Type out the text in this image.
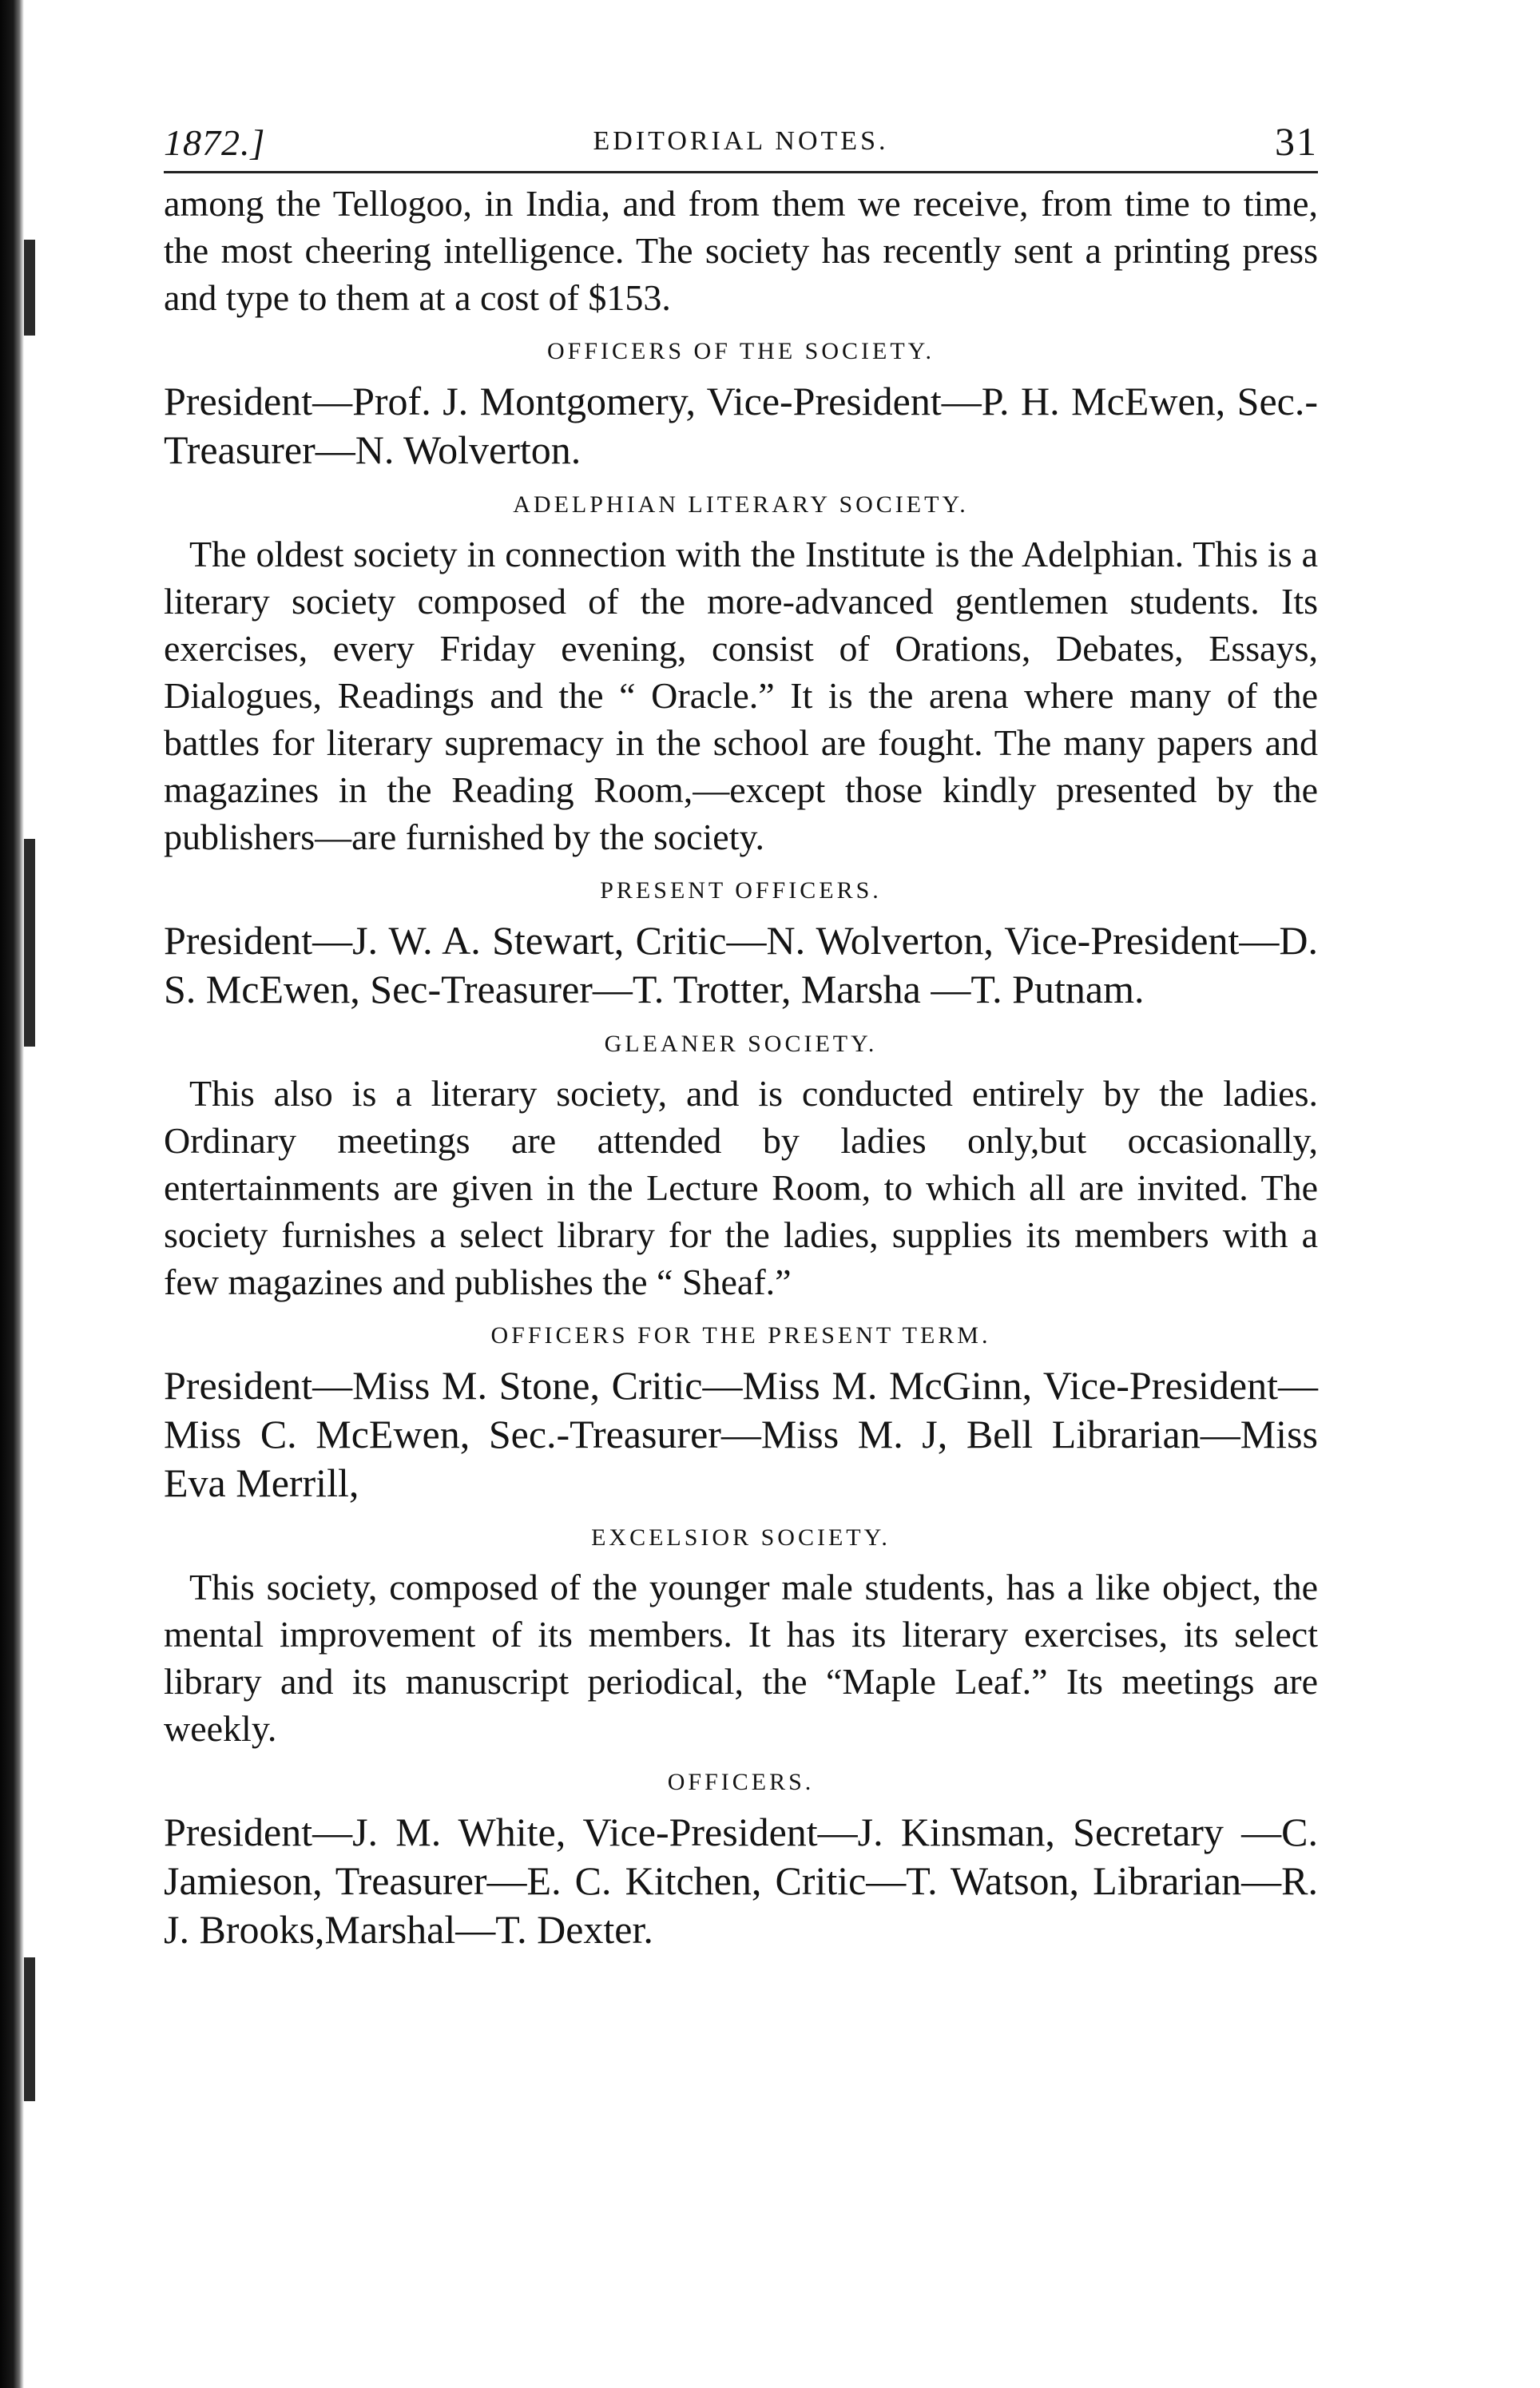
1872.]	EDITORIAL NOTES.	31

among the Tellogoo, in India, and from them we receive, from time to time, the most cheering intelligence. The society has recently sent a printing press and type to them at a cost of $153.

OFFICERS OF THE SOCIETY.

President—Prof. J. Montgomery, Vice-President—P. H. McEwen, Sec.-Treasurer—N. Wolverton.

ADELPHIAN LITERARY SOCIETY.

The oldest society in connection with the Institute is the Adelphian. This is a literary society composed of the more-advanced gentlemen students. Its exercises, every Friday evening, consist of Orations, Debates, Essays, Dialogues, Readings and the “ Oracle.” It is the arena where many of the battles for literary supremacy in the school are fought. The many papers and magazines in the Reading Room,—except those kindly presented by the publishers—are furnished by the society.

PRESENT OFFICERS.

President—J. W. A. Stewart, Critic—N. Wolverton, Vice-President—D. S. McEwen, Sec-Treasurer—T. Trotter, Marsha —T. Putnam.

GLEANER SOCIETY.

This also is a literary society, and is conducted entirely by the ladies. Ordinary meetings are attended by ladies only,but occasionally, entertainments are given in the Lecture Room, to which all are invited. The society furnishes a select library for the ladies, supplies its members with a few magazines and publishes the “ Sheaf.”

OFFICERS FOR THE PRESENT TERM.

President—Miss M. Stone, Critic—Miss M. McGinn, Vice-President—Miss C. McEwen, Sec.-Treasurer—Miss M. J, Bell Librarian—Miss Eva Merrill,

EXCELSIOR SOCIETY.

This society, composed of the younger male students, has a like object, the mental improvement of its members. It has its literary exercises, its select library and its manuscript periodical, the “Maple Leaf.” Its meetings are weekly.

OFFICERS.

President—J. M. White, Vice-President—J. Kinsman, Secretary —C. Jamieson, Treasurer—E. C. Kitchen, Critic—T. Watson, Librarian—R. J. Brooks,Marshal—T. Dexter.
